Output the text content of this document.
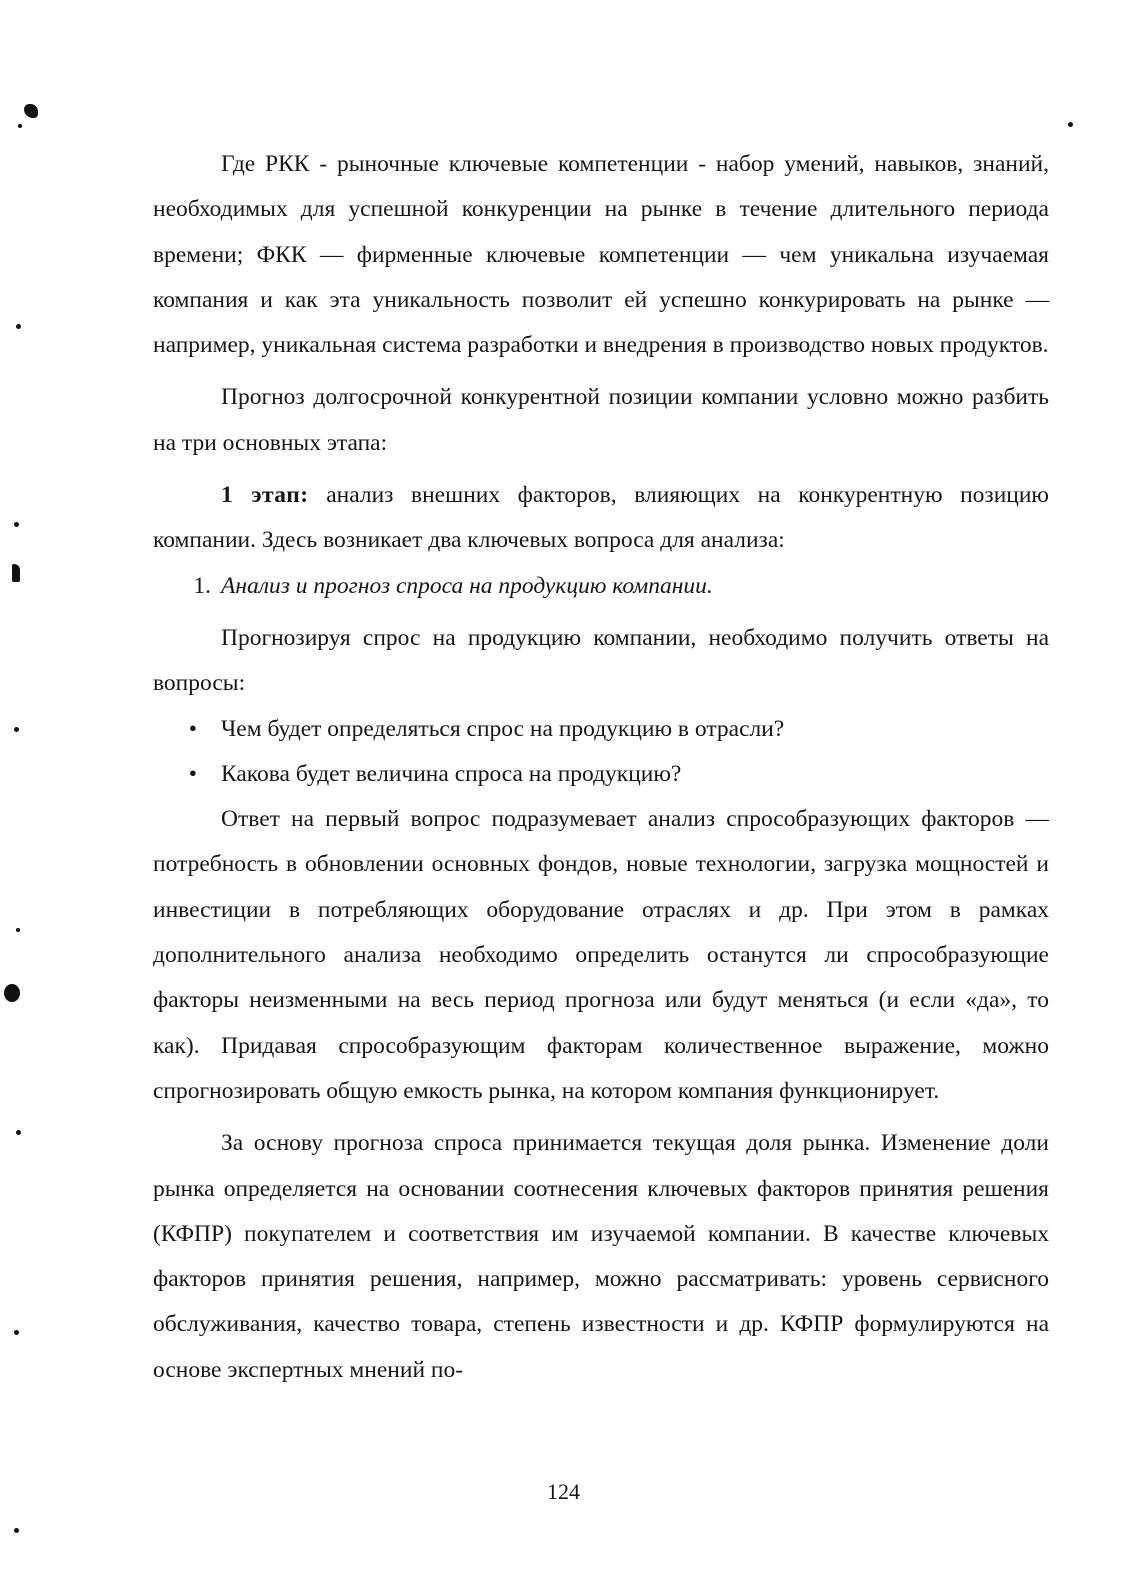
Где РКК - рыночные ключевые компетенции - набор умений, навыков, знаний, необходимых для успешной конкуренции на рынке в течение длительного периода времени; ФКК — фирменные ключевые компетенции — чем уникальна изучаемая компания и как эта уникальность позволит ей успешно конкурировать на рынке — например, уникальная система разработки и внедрения в производство новых продуктов.

Прогноз долгосрочной конкурентной позиции компании условно можно разбить на три основных этапа:

1 этап: анализ внешних факторов, влияющих на конкурентную позицию компании. Здесь возникает два ключевых вопроса для анализа:

1. Анализ и прогноз спроса на продукцию компании.

Прогнозируя спрос на продукцию компании, необходимо получить ответы на вопросы:

•	Чем будет определяться спрос на продукцию в отрасли?
•	Какова будет величина спроса на продукцию?

Ответ на первый вопрос подразумевает анализ спрособразующих факторов — потребность в обновлении основных фондов, новые технологии, загрузка мощностей и инвестиции в потребляющих оборудование отраслях и др. При этом в рамках дополнительного анализа необходимо определить останутся ли спрособразующие факторы неизменными на весь период прогноза или будут меняться (и если «да», то как). Придавая спрособразующим факторам количественное выражение, можно спрогнозировать общую емкость рынка, на котором компания функционирует.

За основу прогноза спроса принимается текущая доля рынка. Изменение доли рынка определяется на основании соотнесения ключевых факторов принятия решения (КФПР) покупателем и соответствия им изучаемой компании. В качестве ключевых факторов принятия решения, например, можно рассматривать: уровень сервисного обслуживания, качество товара, степень известности и др. КФПР формулируются на основе экспертных мнений по-

124
